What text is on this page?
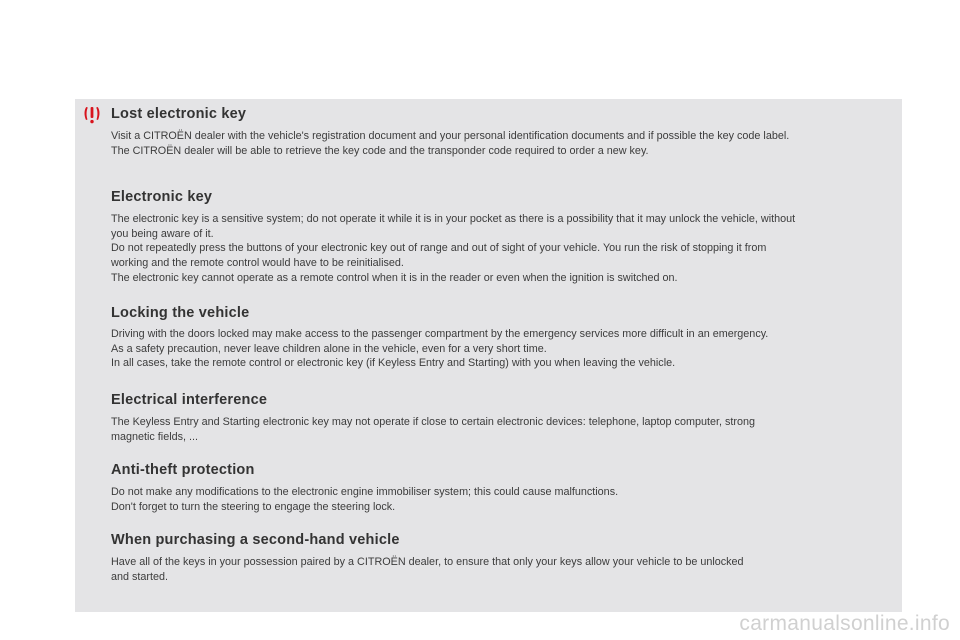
Lost electronic key

Visit a CITROËN dealer with the vehicle's registration document and your personal identification documents and if possible the key code label.
The CITROËN dealer will be able to retrieve the key code and the transponder code required to order a new key.

Electronic key

The electronic key is a sensitive system; do not operate it while it is in your pocket as there is a possibility that it may unlock the vehicle, without
you being aware of it.
Do not repeatedly press the buttons of your electronic key out of range and out of sight of your vehicle. You run the risk of stopping it from
working and the remote control would have to be reinitialised.
The electronic key cannot operate as a remote control when it is in the reader or even when the ignition is switched on.

Locking the vehicle

Driving with the doors locked may make access to the passenger compartment by the emergency services more difficult in an emergency.
As a safety precaution, never leave children alone in the vehicle, even for a very short time.
In all cases, take the remote control or electronic key (if Keyless Entry and Starting) with you when leaving the vehicle.

Electrical interference

The Keyless Entry and Starting electronic key may not operate if close to certain electronic devices: telephone, laptop computer, strong
magnetic fields, ...

Anti-theft protection

Do not make any modifications to the electronic engine immobiliser system; this could cause malfunctions.
Don't forget to turn the steering to engage the steering lock.

When purchasing a second-hand vehicle

Have all of the keys in your possession paired by a CITROËN dealer, to ensure that only your keys allow your vehicle to be unlocked
and started.

carmanualsonline.info
